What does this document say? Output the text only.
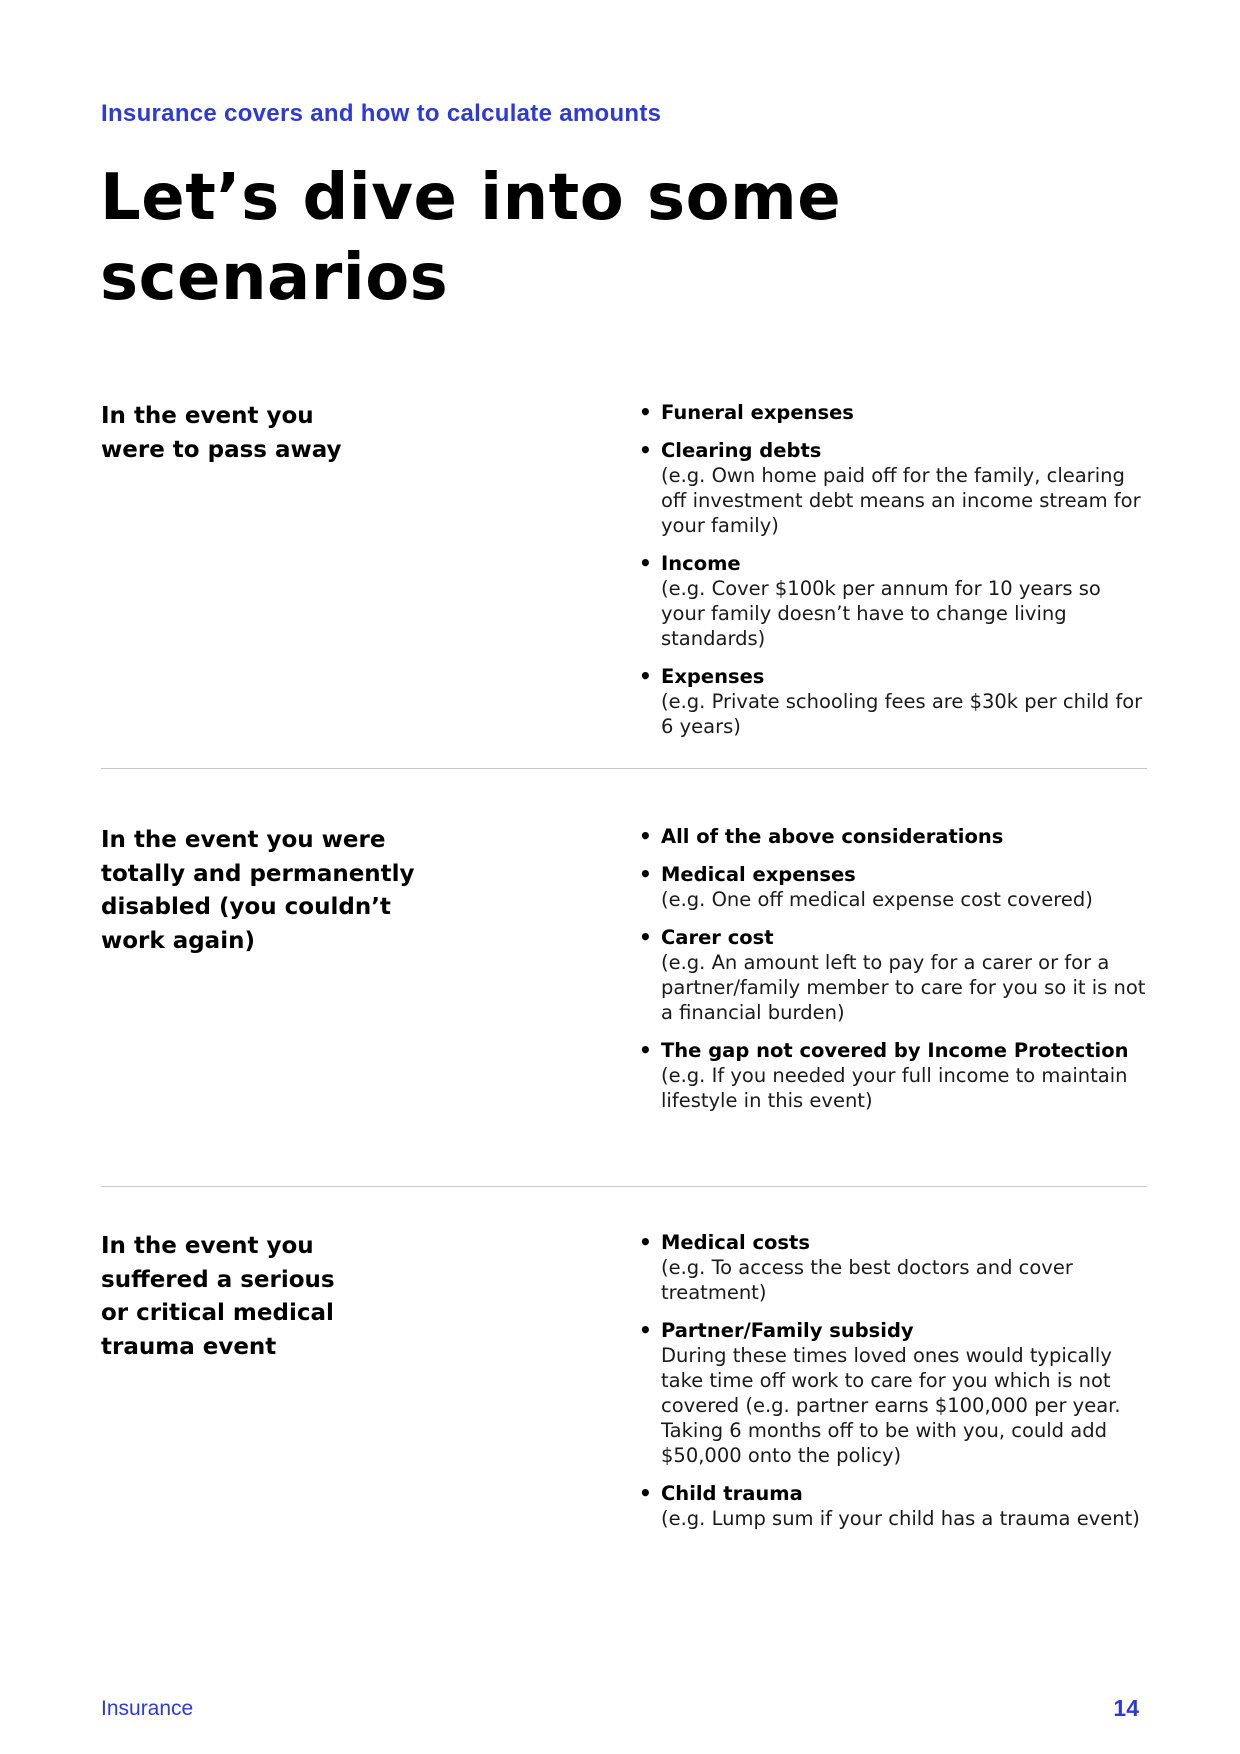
Insurance covers and how to calculate amounts
Let’s dive into some scenarios
In the event you were to pass away
• Funeral expenses
• Clearing debts
(e.g. Own home paid off for the family, clearing off investment debt means an income stream for your family)
• Income
(e.g. Cover $100k per annum for 10 years so your family doesn’t have to change living standards)
• Expenses
(e.g. Private schooling fees are $30k per child for 6 years)
In the event you were totally and permanently disabled (you couldn’t work again)
• All of the above considerations
• Medical expenses
(e.g. One off medical expense cost covered)
• Carer cost
(e.g. An amount left to pay for a carer or for a partner/family member to care for you so it is not a financial burden)
• The gap not covered by Income Protection
(e.g. If you needed your full income to maintain lifestyle in this event)
In the event you suffered a serious or critical medical trauma event
• Medical costs
(e.g. To access the best doctors and cover treatment)
• Partner/Family subsidy
During these times loved ones would typically take time off work to care for you which is not covered (e.g. partner earns $100,000 per year. Taking 6 months off to be with you, could add $50,000 onto the policy)
• Child trauma
(e.g. Lump sum if your child has a trauma event)
Insurance	14
